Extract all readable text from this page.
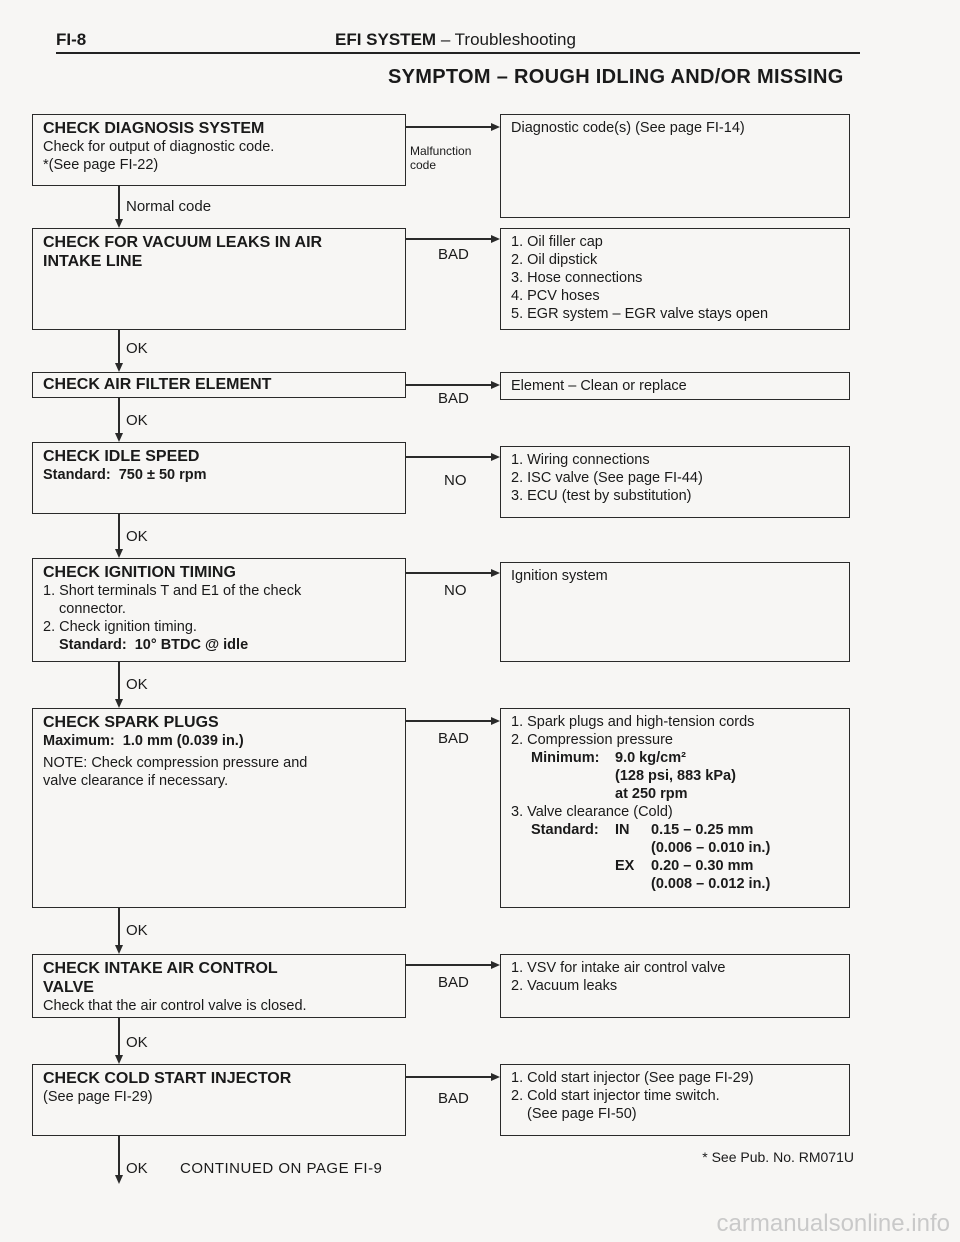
FI-8	EFI SYSTEM – Troubleshooting
SYMPTOM – ROUGH IDLING AND/OR MISSING
CHECK DIAGNOSIS SYSTEM
Check for output of diagnostic code.
*(See page FI-22)
Malfunction code
Diagnostic code(s) (See page FI-14)
Normal code
CHECK FOR VACUUM LEAKS IN AIR
INTAKE LINE	BAD
1. Oil filler cap
2. Oil dipstick
3. Hose connections
4. PCV hoses
5. EGR system – EGR valve stays open
OK
CHECK AIR FILTER ELEMENT
BAD
Element – Clean or replace
OK
CHECK IDLE SPEED
Standard: 750 ± 50 rpm	NO
1. Wiring connections
2. ISC valve (See page FI-44)
3. ECU (test by substitution)
OK
CHECK IGNITION TIMING
1. Short terminals T and E1 of the check
connector.
2. Check ignition timing.
Standard: 10° BTDC @ idle
NO
Ignition system
OK
CHECK SPARK PLUGS
Maximum: 1.0 mm (0.039 in.)
NOTE: Check compression pressure and
valve clearance if necessary.
BAD
1. Spark plugs and high-tension cords
2. Compression pressure
Minimum:	9.0 kg/cm²
(128 psi, 883 kPa)
at 250 rpm
3. Valve clearance (Cold)
Standard:	IN	0.15 – 0.25 mm
(0.006 – 0.010 in.)
EX	0.20 – 0.30 mm
(0.008 – 0.012 in.)
OK
CHECK INTAKE AIR CONTROL
VALVE
Check that the air control valve is closed.
BAD
1. VSV for intake air control valve
2. Vacuum leaks
OK
CHECK COLD START INJECTOR
(See page FI-29)	BAD
1. Cold start injector (See page FI-29)
2. Cold start injector time switch.
(See page FI-50)
OK CONTINUED ON PAGE FI-9
* See Pub. No. RM071U
carmanualsonline.info
